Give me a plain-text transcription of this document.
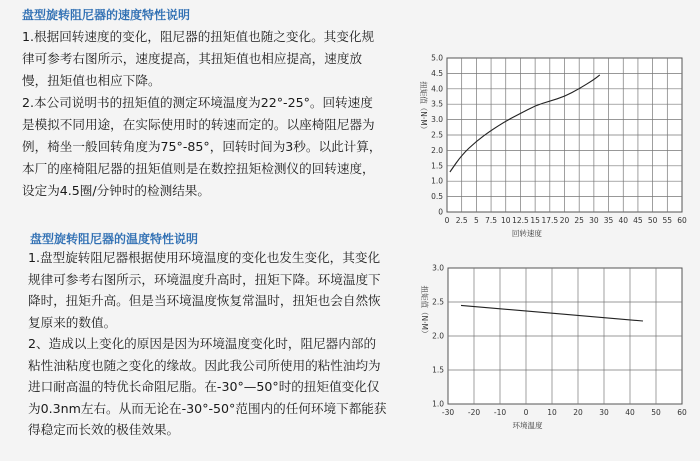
盘型旋转阻尼器的速度特性说明
1.根据回转速度的变化，阻尼器的扭矩值也随之变化。其变化规
律可参考右图所示，速度提高，其扭矩值也相应提高，速度放
慢，扭矩值也相应下降。
2.本公司说明书的扭矩值的测定环境温度为22°-25°。回转速度
是模拟不同用途，在实际使用时的转速而定的。以座椅阻尼器为
例，椅坐一般回转角度为75°-85°，回转时间为3秒。以此计算，
本厂的座椅阻尼器的扭矩值则是在数控扭矩检测仪的回转速度，
设定为4.5圈/分钟时的检测结果。
盘型旋转阻尼器的温度特性说明
1.盘型旋转阻尼器根据使用环境温度的变化也发生变化，其变化
规律可参考右图所示，环境温度升高时，扭矩下降。环境温度下
降时，扭矩升高。但是当环境温度恢复常温时，扭矩也会自然恢
复原来的数值。
2、造成以上变化的原因是因为环境温度变化时，阻尼器内部的
粘性油粘度也随之变化的缘故。因此我公司所使用的粘性油均为
进口耐高温的特优长命阻尼脂。在-30°—50°时的扭矩值变化仅
为0.3nm左右。从而无论在-30°-50°范围内的任何环境下都能获
得稳定而长效的极佳效果。
0 2.5 5 7.5 10 12.5 15 17.5 20 25 30 35 40 45 50 55 60
0
0.5
1.0
1.5
2.0
2.5
3.0
3.5
4.0
4.5
5.0
扭矩值（N·M）
回转速度
-30 -20 -10 0	10 20 30 40 50 60
1.0
1.5
2.0
2.5
3.0
扭矩值（N·M）
环境温度
